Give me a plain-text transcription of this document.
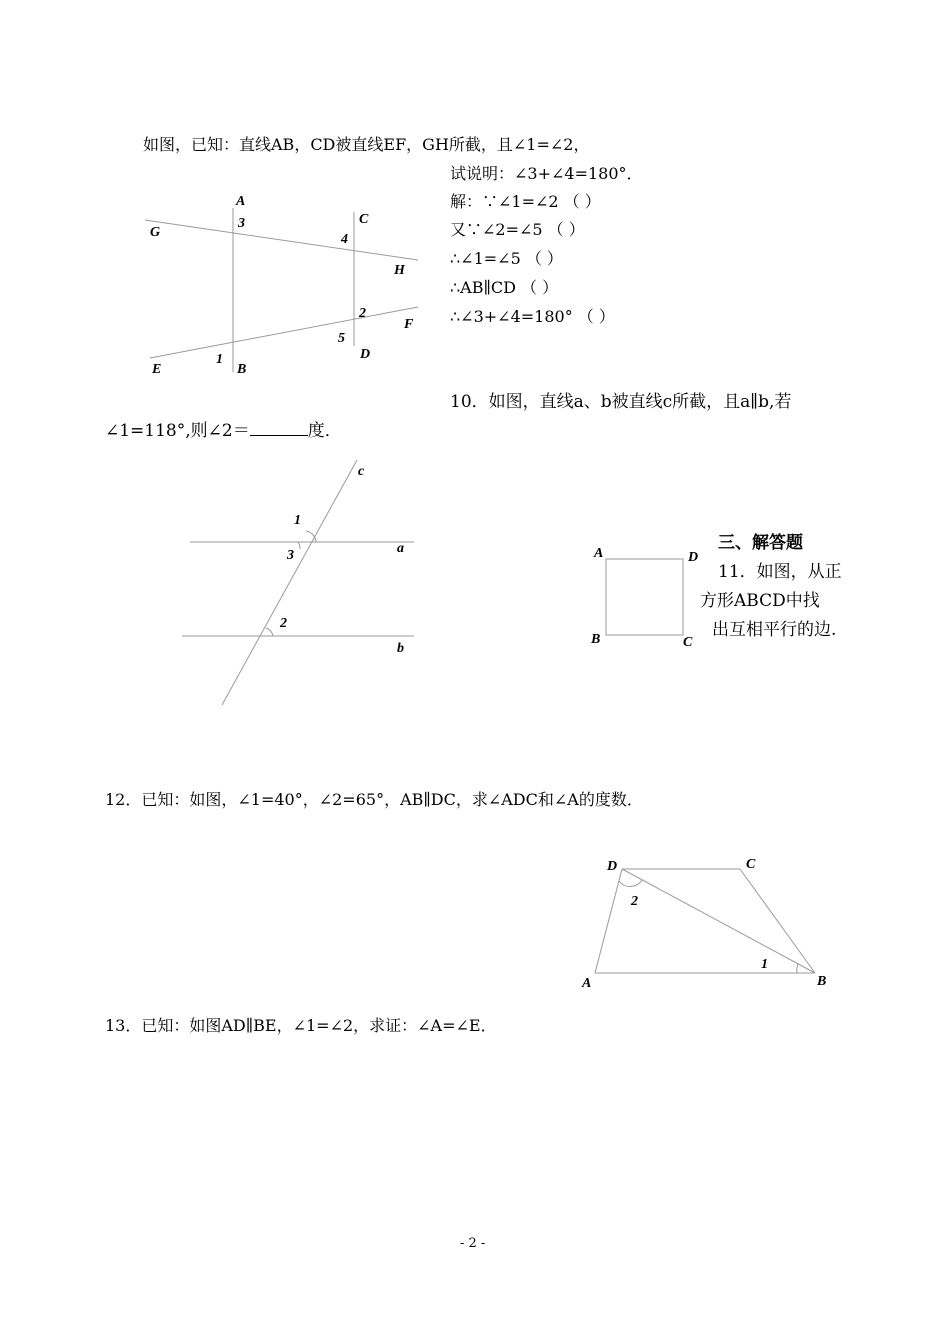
如图，已知：直线AB，CD被直线EF，GH所截，且∠1=∠2，
试说明：∠3+∠4=180°．
解：∵∠1=∠2 （ ）
又∵∠2=∠5 （ ）
∴∠1=∠5 （ ）
∴AB∥CD （ ）
∴∠3+∠4=180° （ ）
10．如图，直线a、b被直线c所截，且a∥b,若
∠1=118°,则∠2＝	度．
三、解答题
11．如图，从正
方形ABCD中找
出互相平行的边.
12．已知：如图，∠1=40°，∠2=65°，AB∥DC，求∠ADC和∠A的度数．
13．已知：如图AD∥BE，∠1=∠2，求证：∠A=∠E．
- 2 -
A
3
G
C
4
H
2
F
5
D
1
E	B
c
1
3	a
2
b
A	D
B	C
D	C
2
1
A	B
